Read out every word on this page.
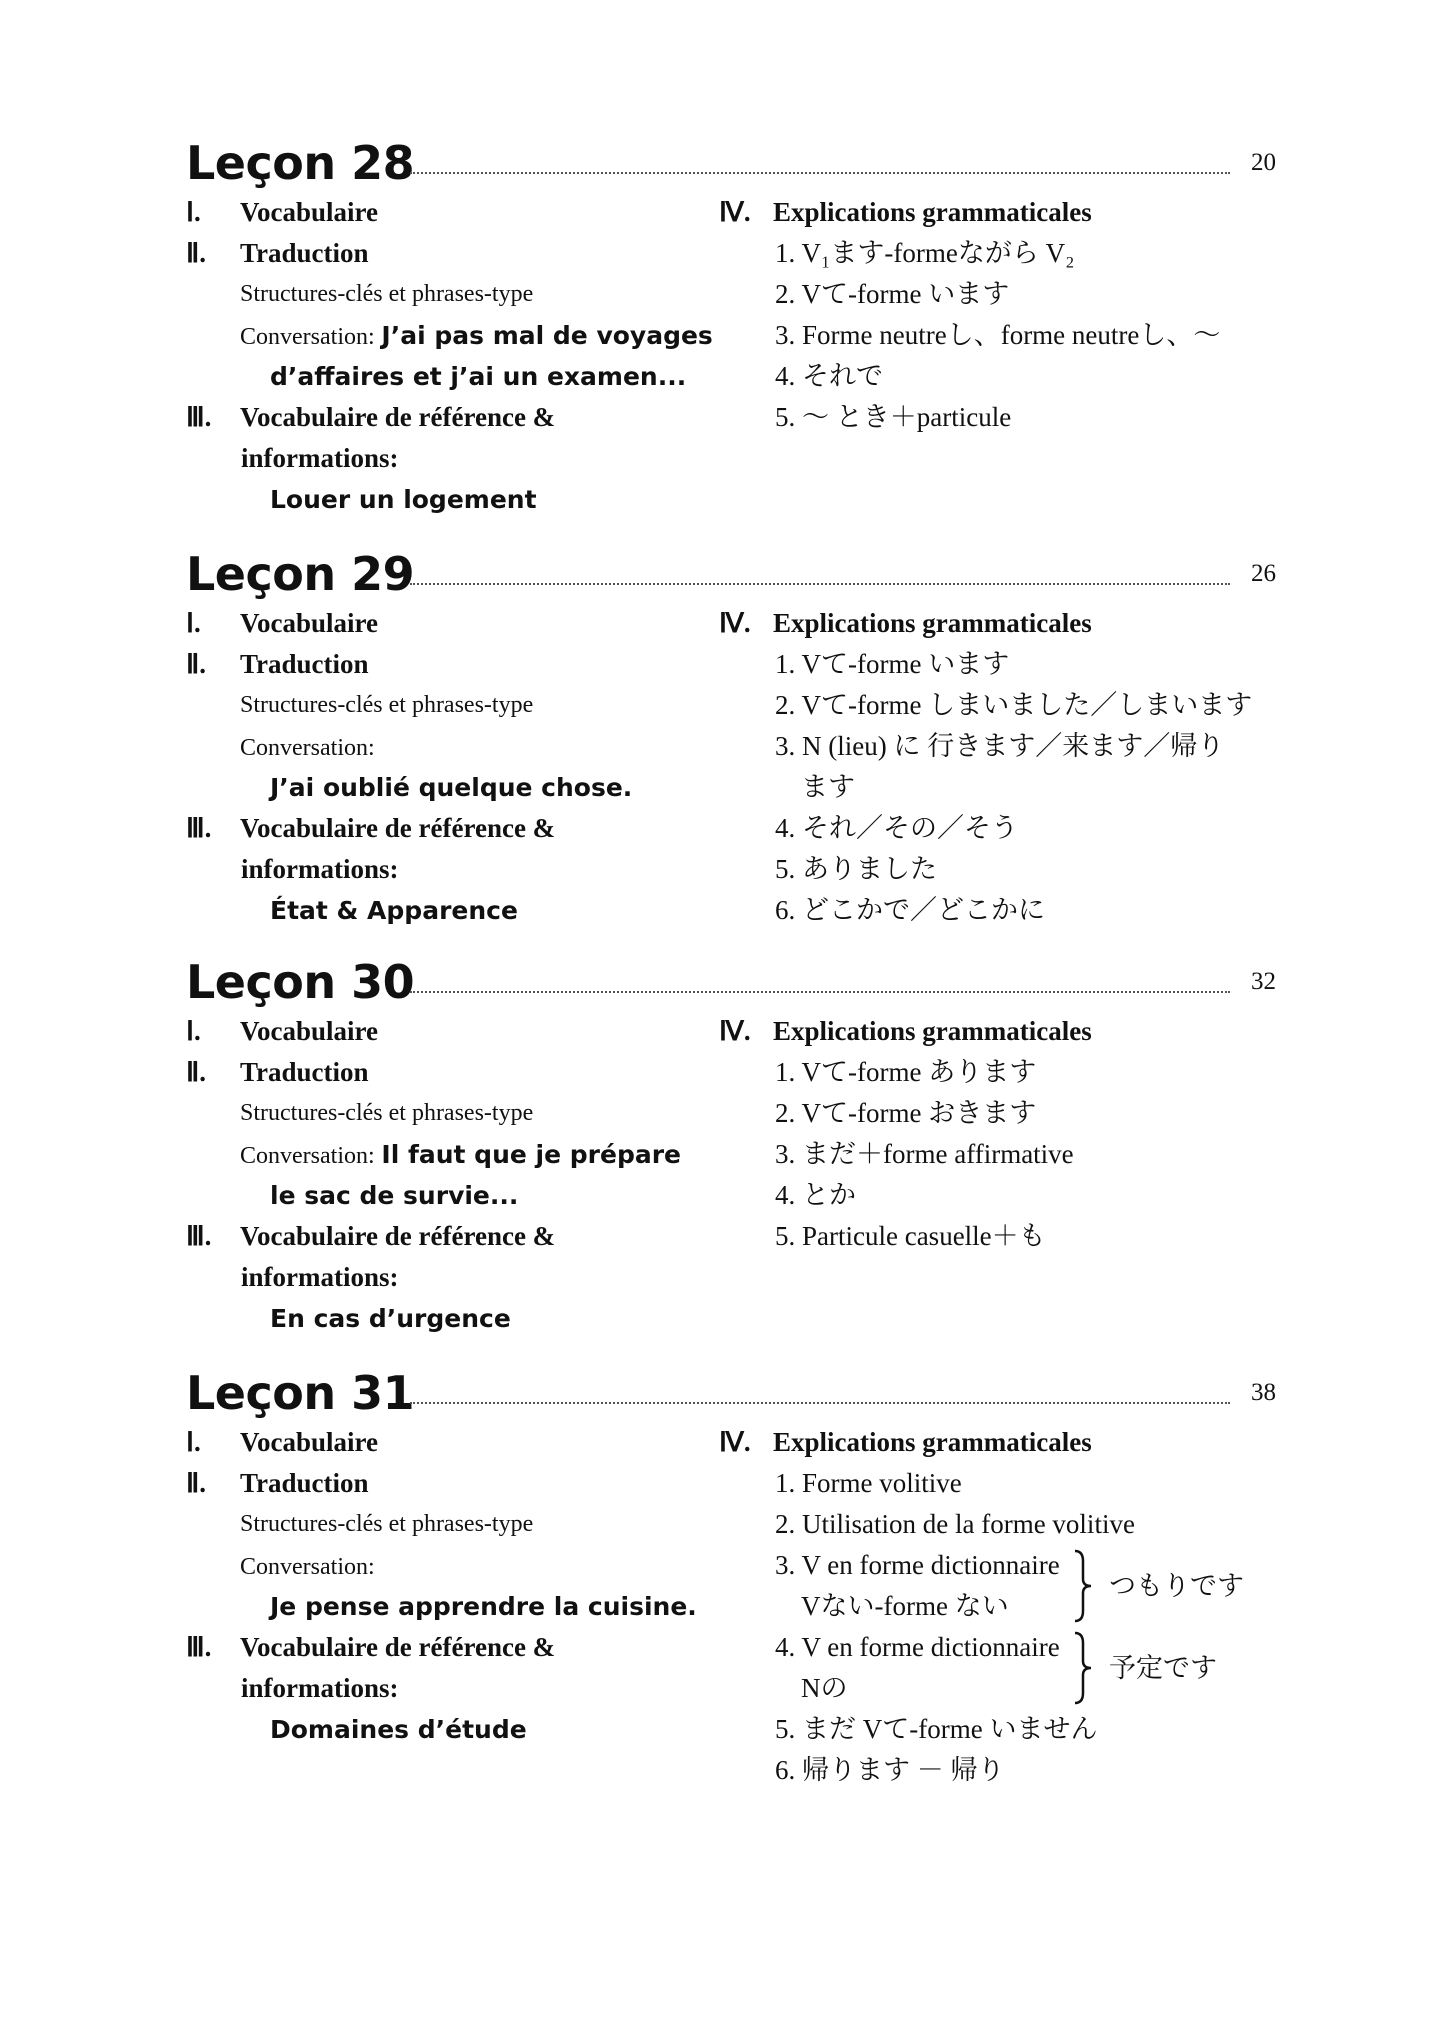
Leçon 28	20
Ⅰ. Vocabulaire
Ⅱ. Traduction
Structures-clés et phrases-type
Conversation: J’ai pas mal de voyages
d’affaires et j’ai un examen...
Ⅲ. Vocabulaire de référence &
informations:
Louer un logement
Ⅳ. Explications grammaticales
1. V₁ます-formeながら V₂
2. Vて-forme います
3. Forme neutreし、forme neutreし、～
4. それで
5. ～ とき＋particule
Leçon 29	26
Ⅰ. Vocabulaire
Ⅱ. Traduction
Structures-clés et phrases-type
Conversation:
J’ai oublié quelque chose.
Ⅲ. Vocabulaire de référence &
informations:
État & Apparence
Ⅳ. Explications grammaticales
1. Vて-forme います
2. Vて-forme しまいました／しまいます
3. N (lieu) に 行きます／来ます／帰り
ます
4. それ／その／そう
5. ありました
6. どこかで／どこかに
Leçon 30	32
Ⅰ. Vocabulaire
Ⅱ. Traduction
Structures-clés et phrases-type
Conversation: Il faut que je prépare
le sac de survie...
Ⅲ. Vocabulaire de référence &
informations:
En cas d’urgence
Ⅳ. Explications grammaticales
1. Vて-forme あります
2. Vて-forme おきます
3. まだ＋forme affirmative
4. とか
5. Particule casuelle＋も
Leçon 31	38
Ⅰ. Vocabulaire
Ⅱ. Traduction
Structures-clés et phrases-type
Conversation:
Je pense apprendre la cuisine.
Ⅲ. Vocabulaire de référence &
informations:
Domaines d’étude
Ⅳ. Explications grammaticales
1. Forme volitive
2. Utilisation de la forme volitive
3. V en forme dictionnaire
Vない-forme ない
つもりです
4. V en forme dictionnaire
Nの
予定です
5. まだ Vて-forme いません
6. 帰ります － 帰り
